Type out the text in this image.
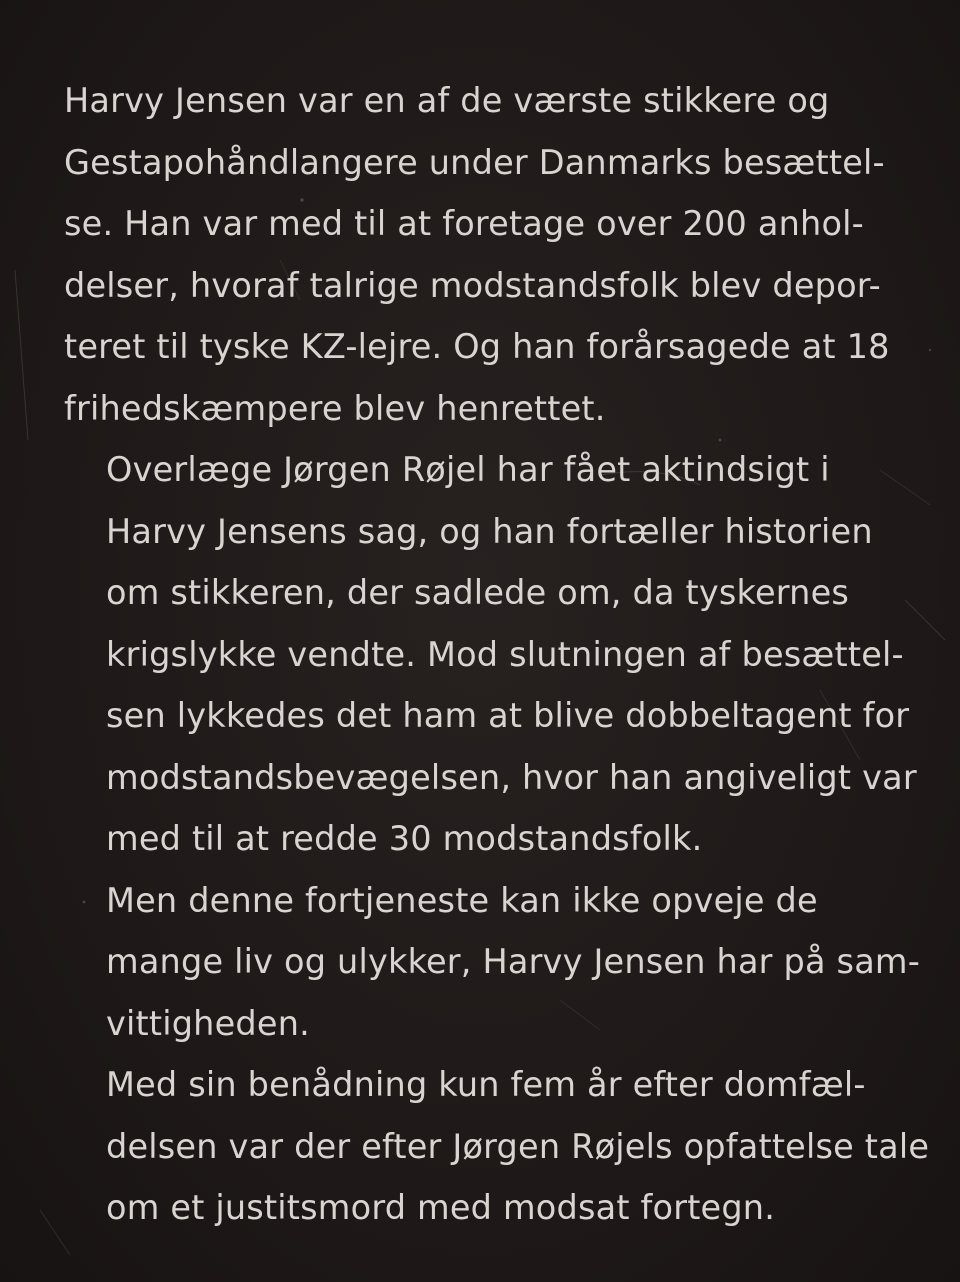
Harvy Jensen var en af de værste stikkere og
Gestapohåndlangere under Danmarks besættel-
se. Han var med til at foretage over 200 anhol-
delser, hvoraf talrige modstandsfolk blev depor-
teret til tyske KZ-lejre. Og han forårsagede at 18
frihedskæmpere blev henrettet.

Overlæge Jørgen Røjel har fået aktindsigt i
Harvy Jensens sag, og han fortæller historien
om stikkeren, der sadlede om, da tyskernes
krigslykke vendte. Mod slutningen af besættel-
sen lykkedes det ham at blive dobbeltagent for
modstandsbevægelsen, hvor han angiveligt var
med til at redde 30 modstandsfolk.

Men denne fortjeneste kan ikke opveje de
mange liv og ulykker, Harvy Jensen har på sam-
vittigheden.

Med sin benådning kun fem år efter domfæl-
delsen var der efter Jørgen Røjels opfattelse tale
om et justitsmord med modsat fortegn.
